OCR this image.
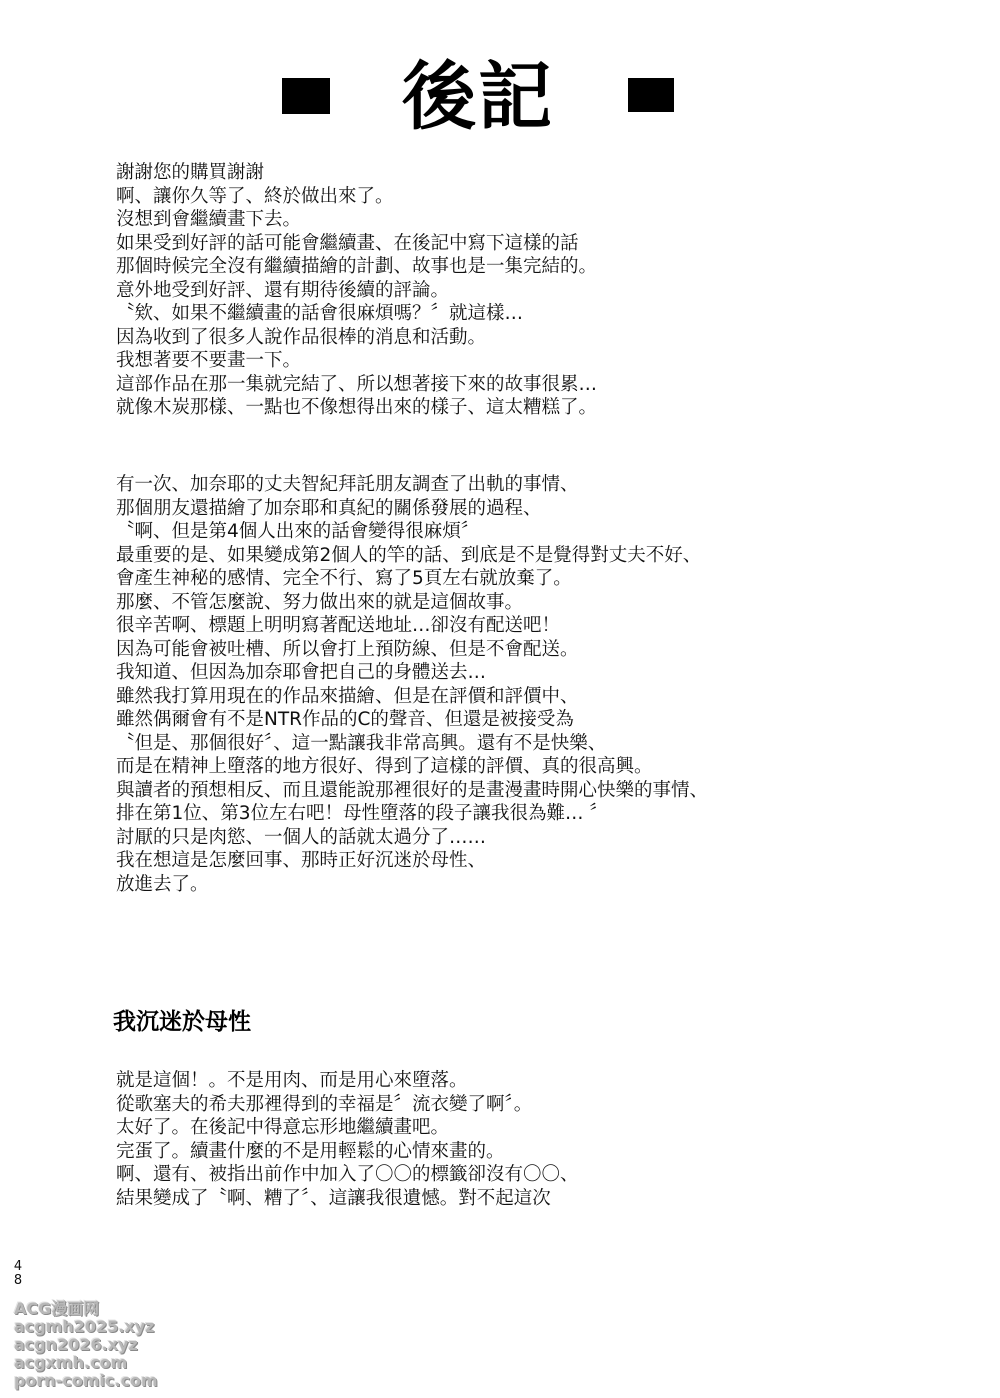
後記
謝謝您的購買謝謝
啊、讓你久等了、終於做出來了。
沒想到會繼續畫下去。
如果受到好評的話可能會繼續畫、在後記中寫下這樣的話
那個時候完全沒有繼續描繪的計劃、故事也是一集完結的。
意外地受到好評、還有期待後續的評論。
〝欸、如果不繼續畫的話會很麻煩嗎？〞就這樣…
因為收到了很多人說作品很棒的消息和活動。
我想著要不要畫一下。
這部作品在那一集就完結了、所以想著接下來的故事很累…
就像木炭那樣、一點也不像想得出來的樣子、這太糟糕了。
有一次、加奈耶的丈夫智紀拜託朋友調查了出軌的事情、
那個朋友還描繪了加奈耶和真紀的關係發展的過程、
〝啊、但是第4個人出來的話會變得很麻煩〞
最重要的是、如果變成第2個人的竿的話、到底是不是覺得對丈夫不好、
會產生神秘的感情、完全不行、寫了5頁左右就放棄了。
那麼、不管怎麼說、努力做出來的就是這個故事。
很辛苦啊、標題上明明寫著配送地址…卻沒有配送吧！
因為可能會被吐槽、所以會打上預防線、但是不會配送。
我知道、但因為加奈耶會把自己的身體送去…
雖然我打算用現在的作品來描繪、但是在評價和評價中、
雖然偶爾會有不是NTR作品的C的聲音、但還是被接受為
〝但是、那個很好〞、這一點讓我非常高興。還有不是快樂、
而是在精神上墮落的地方很好、得到了這樣的評價、真的很高興。
與讀者的預想相反、而且還能說那裡很好的是畫漫畫時開心快樂的事情、
排在第1位、第3位左右吧！母性墮落的段子讓我很為難… 〞
討厭的只是肉慾、一個人的話就太過分了……
我在想這是怎麼回事、那時正好沉迷於母性、
放進去了。
我沉迷於母性
就是這個！。不是用肉、而是用心來墮落。
從歌塞夫的希夫那裡得到的幸福是〞流衣變了啊〞。
太好了。在後記中得意忘形地繼續畫吧。
完蛋了。續畫什麼的不是用輕鬆的心情來畫的。
啊、還有、被指出前作中加入了〇〇的標籤卻沒有〇〇、
結果變成了〝啊、糟了〞、這讓我很遺憾。對不起這次
4
8
ACG漫画网
acgmh2025.xyz
acgn2026.xyz
acgxmh.com
porn-comic.com
